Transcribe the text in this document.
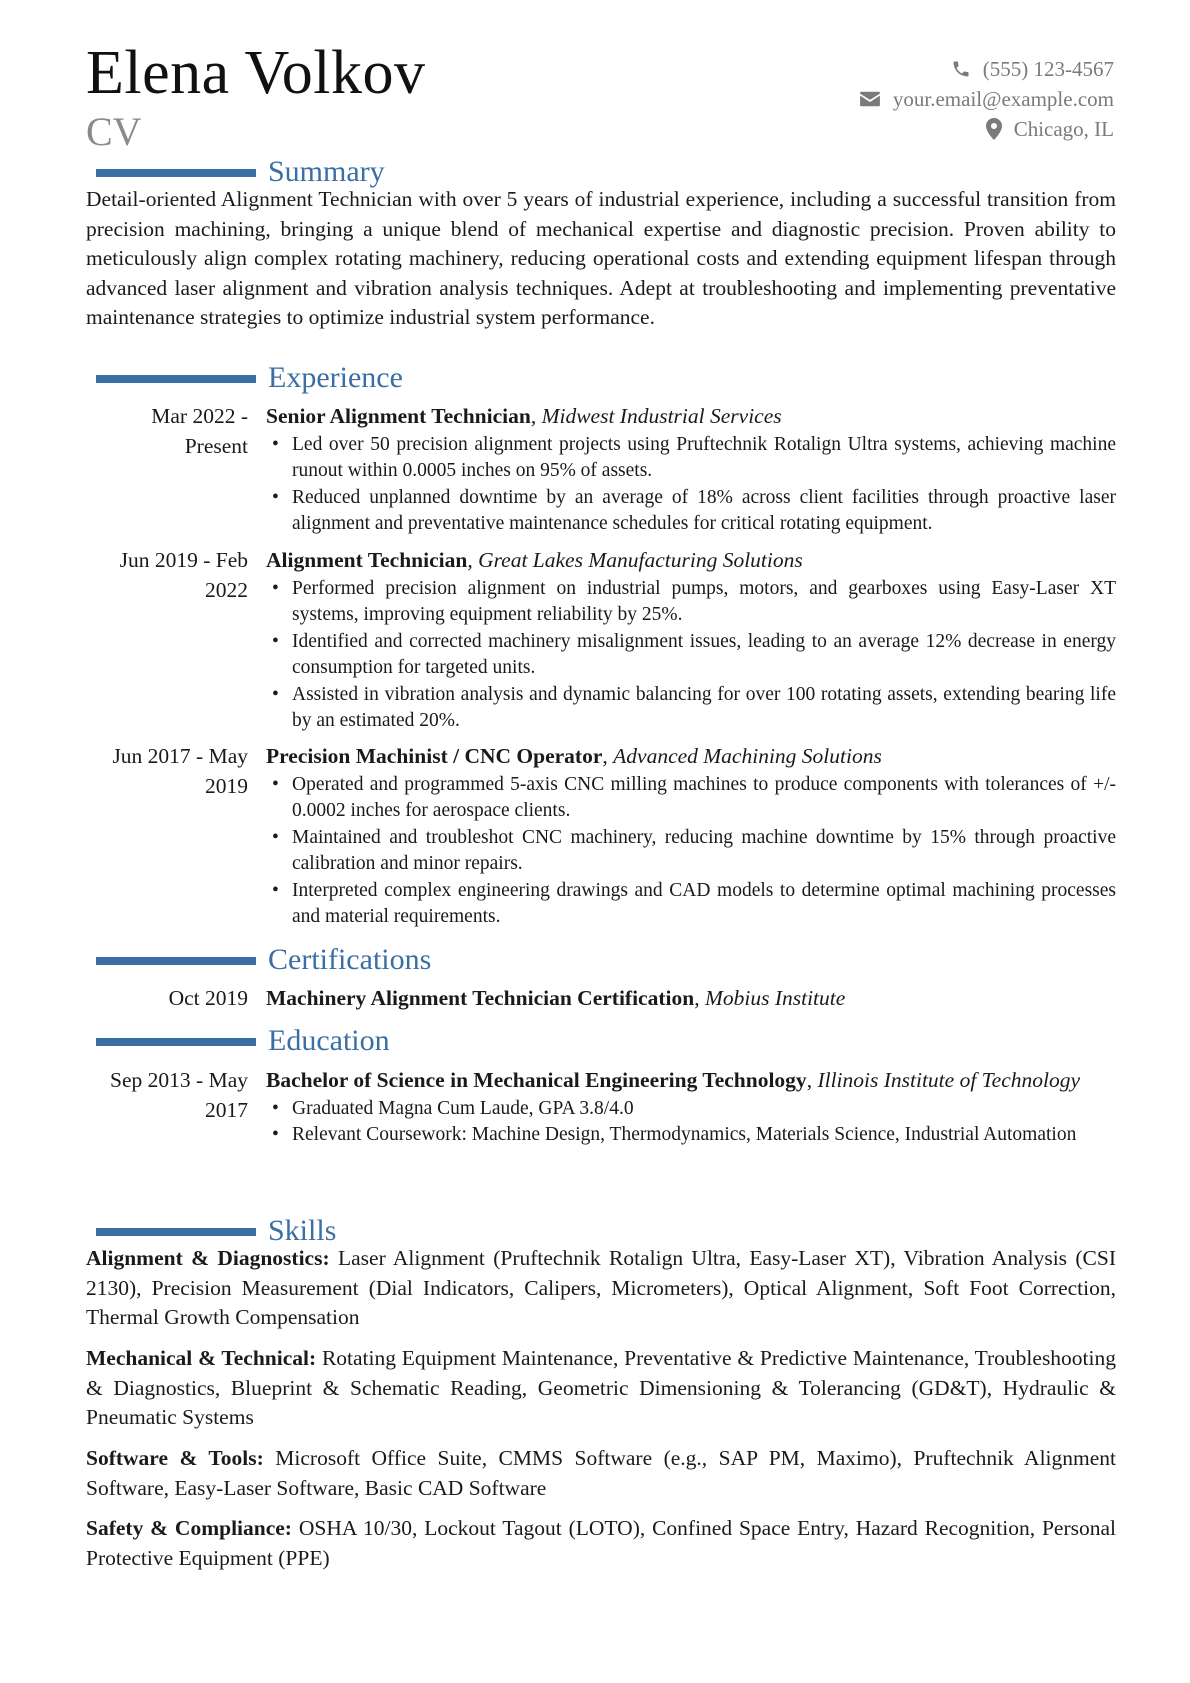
Elena Volkov
CV
(555) 123-4567
your.email@example.com
Chicago, IL
Summary
Detail-oriented Alignment Technician with over 5 years of industrial experience, including a successful transition from precision machining, bringing a unique blend of mechanical expertise and diagnostic precision. Proven ability to meticulously align complex rotating machinery, reducing operational costs and extending equipment lifespan through advanced laser alignment and vibration analysis techniques. Adept at troubleshooting and implementing preventative maintenance strategies to optimize industrial system performance.
Experience
Mar 2022 - Present
Senior Alignment Technician, Midwest Industrial Services
• Led over 50 precision alignment projects using Pruftechnik Rotalign Ultra systems, achieving machine runout within 0.0005 inches on 95% of assets.
• Reduced unplanned downtime by an average of 18% across client facilities through proactive laser alignment and preventative maintenance schedules for critical rotating equipment.
Jun 2019 - Feb 2022
Alignment Technician, Great Lakes Manufacturing Solutions
• Performed precision alignment on industrial pumps, motors, and gearboxes using Easy-Laser XT systems, improving equipment reliability by 25%.
• Identified and corrected machinery misalignment issues, leading to an average 12% decrease in energy consumption for targeted units.
• Assisted in vibration analysis and dynamic balancing for over 100 rotating assets, extending bearing life by an estimated 20%.
Jun 2017 - May 2019
Precision Machinist / CNC Operator, Advanced Machining Solutions
• Operated and programmed 5-axis CNC milling machines to produce components with tolerances of +/- 0.0002 inches for aerospace clients.
• Maintained and troubleshot CNC machinery, reducing machine downtime by 15% through proactive calibration and minor repairs.
• Interpreted complex engineering drawings and CAD models to determine optimal machining processes and material requirements.
Certifications
Oct 2019 Machinery Alignment Technician Certification, Mobius Institute
Education
Sep 2013 - May 2017
Bachelor of Science in Mechanical Engineering Technology, Illinois Institute of Technology
• Graduated Magna Cum Laude, GPA 3.8/4.0
• Relevant Coursework: Machine Design, Thermodynamics, Materials Science, Industrial Automation
Skills
Alignment & Diagnostics: Laser Alignment (Pruftechnik Rotalign Ultra, Easy-Laser XT), Vibration Analysis (CSI 2130), Precision Measurement (Dial Indicators, Calipers, Micrometers), Optical Alignment, Soft Foot Correction, Thermal Growth Compensation
Mechanical & Technical: Rotating Equipment Maintenance, Preventative & Predictive Maintenance, Troubleshooting & Diagnostics, Blueprint & Schematic Reading, Geometric Dimensioning & Tolerancing (GD&T), Hydraulic & Pneumatic Systems
Software & Tools: Microsoft Office Suite, CMMS Software (e.g., SAP PM, Maximo), Pruftechnik Alignment Software, Easy-Laser Software, Basic CAD Software
Safety & Compliance: OSHA 10/30, Lockout Tagout (LOTO), Confined Space Entry, Hazard Recognition, Personal Protective Equipment (PPE)
